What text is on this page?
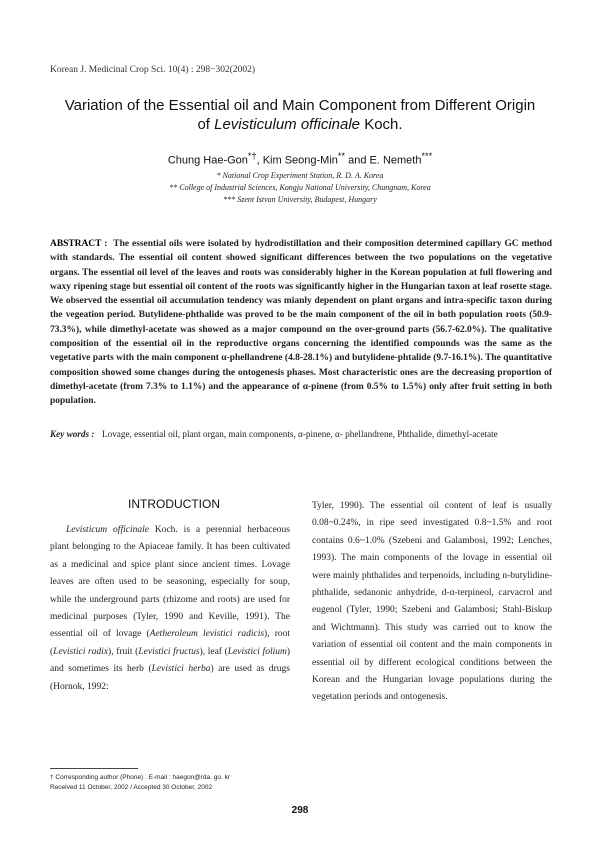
Korean J. Medicinal Crop Sci. 10(4) : 298−302(2002)
Variation of the Essential oil and Main Component from Different Origin
of Levisticulum officinale Koch.
Chung Hae-Gon*†, Kim Seong-Min** and E. Nemeth***
* National Crop Experiment Station, R. D. A. Korea
** College of Industrial Sciences, Kongju National University, Chungnam, Korea
*** Szent Istvan University, Budapest, Hungary
ABSTRACT : The essential oils were isolated by hydrodistillation and their composition determined capillary GC method with standards. The essential oil content showed significant differences between the two populations on the vegetative organs. The essential oil level of the leaves and roots was considerably higher in the Korean population at full flowering and waxy ripening stage but essential oil content of the roots was significantly higher in the Hungarian taxon at leaf rosette stage. We observed the essential oil accumulation tendency was mianly dependent on plant organs and intra-specific taxon during the vegeation period. Butylidene-phthalide was proved to be the main component of the oil in both population roots (50.9-73.3%), while dimethyl-acetate was showed as a major compound on the over-ground parts (56.7-62.0%). The qualitative composition of the essential oil in the reproductive organs concerning the identified compounds was the same as the vegetative parts with the main component α-phellandrene (4.8-28.1%) and butylidene-phtalide (9.7-16.1%). The quantitative composition showed some changes during the ontogenesis phases. Most characteristic ones are the decreasing proportion of dimethyl-acetate (from 7.3% to 1.1%) and the appearance of α-pinene (from 0.5% to 1.5%) only after fruit setting in both population.
Key words : Lovage, essential oil, plant organ, main components, α-pinene, α- phellandrene, Phthalide, dimethyl-acetate
INTRODUCTION

Levisticum officinale Koch. is a perennial herbaceous plant belonging to the Apiaceae family. It has been cultivated as a medicinal and spice plant since ancient times. Lovage leaves are often used to be seasoning, especially for soup, while the underground parts (rhizome and roots) are used for medicinal purposes (Tyler, 1990 and Keville, 1991). The essential oil of lovage (Aetheroleum levistici radicis), root (Levistici radix), fruit (Levistici fructus), leaf (Levistici folium) and sometimes its herb (Levistici herba) are used as drugs (Hornok, 1992:

Tyler, 1990). The essential oil content of leaf is usually 0.08~0.24%, in ripe seed investigated 0.8~1.5% and root contains 0.6~1.0% (Szebeni and Galambosi, 1992; Lenches, 1993). The main components of the lovage in essential oil were mainly phthalides and terpenoids, including n-butylidine-phthalide, sedanonic anhydride, d-α-terpineol, carvacrol and eugenol (Tyler, 1990; Szebeni and Galambosi; Stahl-Biskup and Wichtmann). This study was carried out to know the variation of essential oil content and the main components in essential oil by different ecological conditions between the Korean and the Hungarian lovage populations during the vegetation periods and ontogenesis.

† Corresponding author (Phone) : E-mail : haegon@rda. go. kr
Received 11 October, 2002 / Accepted 30 October, 2002
298
